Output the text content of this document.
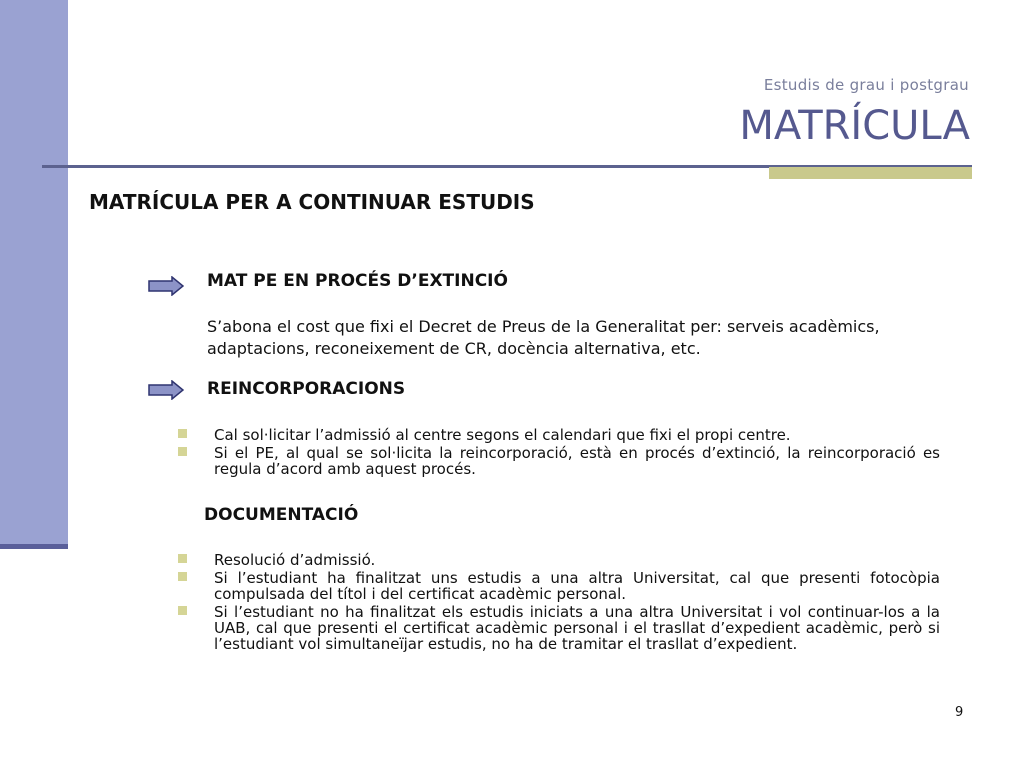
Estudis de grau i postgrau
MATRÍCULA
MATRÍCULA PER A CONTINUAR ESTUDIS
MAT PE EN PROCÉS D’EXTINCIÓ
S’abona el cost que fixi el Decret de Preus de la Generalitat per: serveis acadèmics,
adaptacions, reconeixement de CR, docència alternativa, etc.
REINCORPORACIONS
Cal sol·licitar l’admissió al centre segons el calendari que fixi el propi centre.
Si el PE, al qual se sol·licita la reincorporació, està en procés d’extinció, la reincorporació es regula d’acord amb aquest procés.
DOCUMENTACIÓ
Resolució d’admissió.
Si l’estudiant ha finalitzat uns estudis a una altra Universitat, cal que presenti fotocòpia compulsada del títol i del certificat acadèmic personal.
Si l’estudiant no ha finalitzat els estudis iniciats a una altra Universitat i vol continuar-los a la UAB, cal que presenti el certificat acadèmic personal i el trasllat d’expedient acadèmic, però si l’estudiant vol simultaneïjar estudis, no ha de tramitar el trasllat d’expedient.
9
